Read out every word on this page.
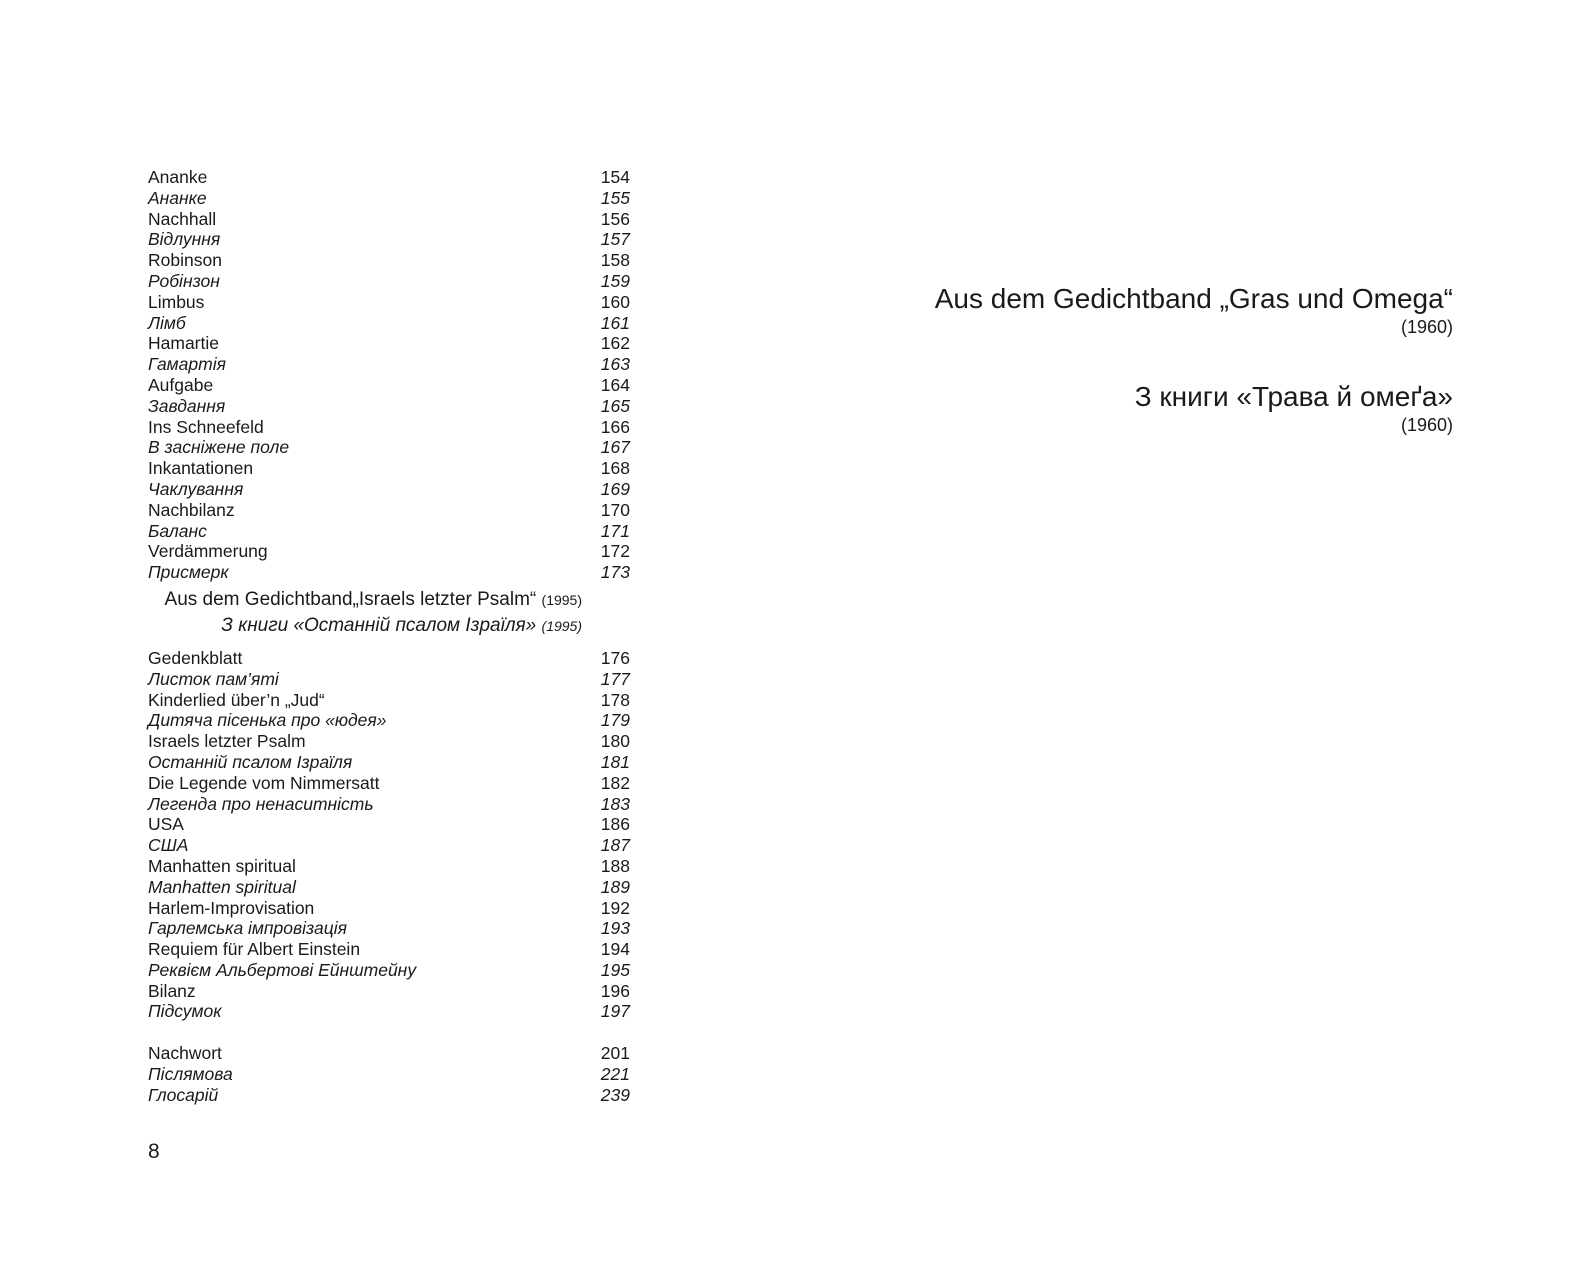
Ananke	154
Ананке	155
Nachhall	156
Відлуння	157
Robinson	158
Робінзон	159
Limbus	160
Лімб	161
Hamartie	162
Гамартія	163
Aufgabe	164
Завдання	165
Ins Schneefeld	166
В засніжене поле	167
Inkantationen	168
Чаклування	169
Nachbilanz	170
Баланс	171
Verdämmerung	172
Присмерк	173
Aus dem Gedichtband„Israels letzter Psalm“ (1995)
З книги «Останній псалом Ізраїля» (1995)
Gedenkblatt	176
Листок пам’яті	177
Kinderlied über’n „Jud“	178
Дитяча пісенька про «юдея»	179
Israels letzter Psalm	180
Останній псалом Ізраїля	181
Die Legende vom Nimmersatt	182
Легенда про ненаситність	183
USA	186
США	187
Manhatten spiritual	188
Manhatten spiritual	189
Harlem-Improvisation	192
Гарлемська імпровізація	193
Requiem für Albert Einstein	194
Реквієм Альбертові Ейнштейну	195
Bilanz	196
Підсумок	197
Nachwort	201
Післямова	221
Глосарій	239
8
Aus dem Gedichtband „Gras und Omega“
(1960)
З книги «Трава й омеґа»
(1960)
